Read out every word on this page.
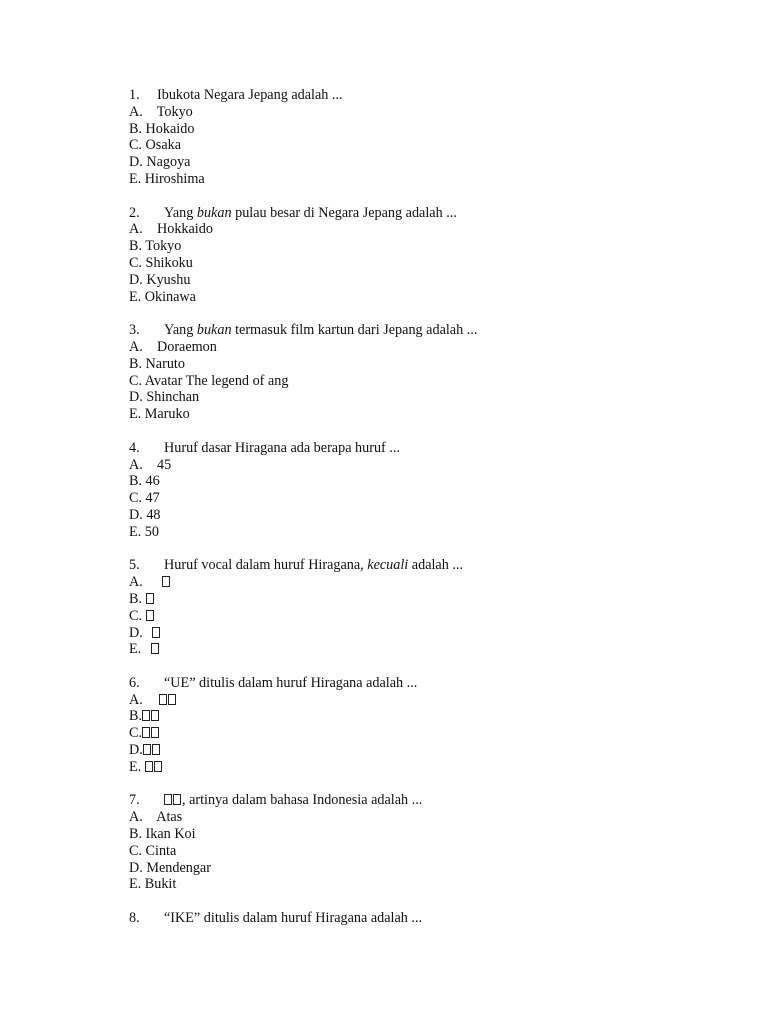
1. Ibukota Negara Jepang adalah ...
A.    Tokyo
B. Hokaido
C. Osaka
D. Nagoya
E. Hiroshima
2. Yang bukan pulau besar di Negara Jepang adalah ...
A.    Hokkaido
B. Tokyo
C. Shikoku
D. Kyushu
E. Okinawa
3. Yang bukan termasuk film kartun dari Jepang adalah ...
A.    Doraemon
B. Naruto
C. Avatar The legend of ang
D. Shinchan
E. Maruko
4. Huruf dasar Hiragana ada berapa huruf ...
A.    45
B. 46
C. 47
D. 48
E. 50
5. Huruf vocal dalam huruf Hiragana, kecuali adalah ...
A.
B.
C.
D.
E.
6. “UE” ditulis dalam huruf Hiragana adalah ...
A.
B.
C.
D.
E.
7.	, artinya dalam bahasa Indonesia adalah ...
A.    Atas
B. Ikan Koi
C. Cinta
D. Mendengar
E. Bukit
8. “IKE” ditulis dalam huruf Hiragana adalah ...
